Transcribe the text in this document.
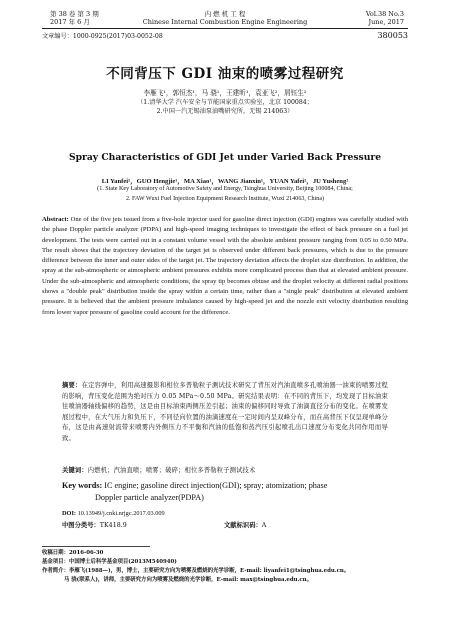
第 38 卷 第 3 期
2017 年 6 月
内 燃 机 工 程
Chinese Internal Combustion Engine Engineering
Vol.38 No.3
June, 2017
文章编号：1000-0925(2017)03-0052-08	380053
不同背压下 GDI 油束的喷雾过程研究
李雁飞¹，郭恒杰¹，马 骁¹，王建昕¹，袁亚飞²，屑钰生²
（1.清华大学 汽车安全与节能国家重点实验室，北京 100084；
2.中国一汽无锡油泵油嘴研究所，无锡 214063）
Spray Characteristics of GDI Jet under Varied Back Pressure
LI Yanfei¹，GUO Hengjie¹，MA Xiao¹，WANG Jianxin¹，YUAN Yafei²，JU Yusheng²
(1. State Key Laboratory of Automotive Safety and Energy, Tsinghua University, Beijing 100084, China;
2. FAW Wuxi Fuel Injection Equipment Research Institute, Wuxi 214063, China)
Abstract: One of the five jets issued from a five-hole injector used for gasoline direct injection (GDI) engines was carefully studied with the phase Doppler particle analyzer (PDPA) and high-speed imaging techniques to investigate the effect of back pressure on a fuel jet development. The tests were carried out in a constant volume vessel with the absolute ambient pressure ranging from 0.05 to 0.50 MPa. The result shows that the trajectory deviation of the target jet is observed under different back pressures, which is due to the pressure difference between the inner and outer sides of the target jet. The trajectory deviation affects the droplet size distribution. In addition, the spray at the sub-atmospheric or atmospheric ambient pressures exhibits more complicated process than that at elevated ambient pressure. Under the sub-atmospheric and atmospheric conditions, the spray tip becomes obtuse and the droplet velocity at different radial positions shows a "double peak" distribution inside the spray within a certain time, rather than a "single peak" distribution at elevated ambient pressure. It is believed that the ambient pressure imbalance caused by high-speed jet and the nozzle exit velocity distribution resulting from lower vapor pressure of gasoline could account for the difference.
摘要：在定容弹中，利用高速摄影和相位多普勒粒子测试技术研究了背压对汽油直喷多孔喷油器一油束的喷雾过程的影响，背压变化范围为绝对压力 0.05 MPa～0.50 MPa。研究结果表明：在不同的背压下，均发现了目标油束往喷油器轴线偏移的趋势，这是由目标油束两侧压差引起；油束的偏移同时导致了油滴直径分布的变化。在喷雾发展过程中，在大气压力和负压下，不同径向位置的油滴速度在一定时间内呈双峰分布，而在高背压下仅呈现单峰分布，这是由高速射流带来喷雾内外侧压力不平衡和汽油的低饱和蒸汽压引起喷孔出口速度分布变化共同作用而导致。
关键词：内燃机；汽油直喷；喷雾；破碎；相位多普勒粒子测试技术
Key words: IC engine; gasoline direct injection(GDI); spray; atomization; phase
Doppler particle analyzer(PDPA)
DOI: 10.13949/j.cnki.nrjgc.2017.03.009
中图分类号：TK418.9	文献标识码：A
收稿日期：2016-06-30
基金项目：中国博士后科学基金项目(2013M540940)
作者简介：李雁飞(1988—)，男，博士，主要研究方向为喷雾及燃烧的光学诊断，E-mail: liyanfei1@tsinghua.edu.cn。
马 骁(联系人)，讲师，主要研究方向为喷雾及燃烧的光学诊断，E-mail: max@tsinghua.edu.cn。
